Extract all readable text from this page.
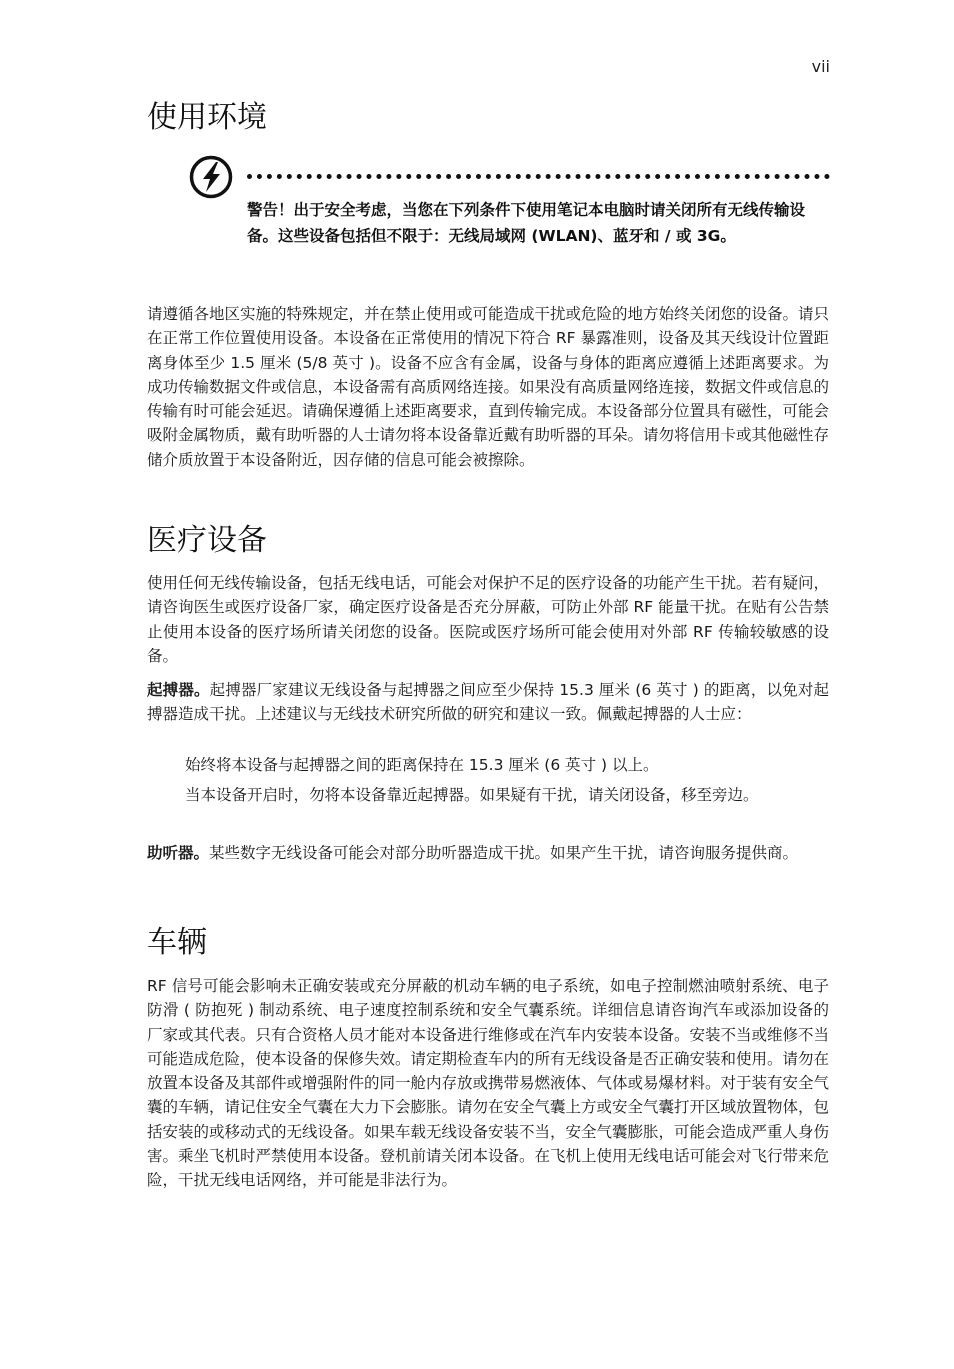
vii
使用环境

警告！出于安全考虑，当您在下列条件下使用笔记本电脑时请关闭所有无线传输设备。这些设备包括但不限于：无线局域网 (WLAN)、蓝牙和 / 或 3G。

请遵循各地区实施的特殊规定，并在禁止使用或可能造成干扰或危险的地方始终关闭您的设备。请只在正常工作位置使用设备。本设备在正常使用的情况下符合 RF 暴露准则，设备及其天线设计位置距离身体至少 1.5 厘米 (5/8 英寸 )。设备不应含有金属，设备与身体的距离应遵循上述距离要求。为成功传输数据文件或信息，本设备需有高质网络连接。如果没有高质量网络连接，数据文件或信息的传输有时可能会延迟。请确保遵循上述距离要求，直到传输完成。本设备部分位置具有磁性，可能会吸附金属物质，戴有助听器的人士请勿将本设备靠近戴有助听器的耳朵。请勿将信用卡或其他磁性存储介质放置于本设备附近，因存储的信息可能会被擦除。

医疗设备

使用任何无线传输设备，包括无线电话，可能会对保护不足的医疗设备的功能产生干扰。若有疑问，请咨询医生或医疗设备厂家，确定医疗设备是否充分屏蔽，可防止外部 RF 能量干扰。在贴有公告禁止使用本设备的医疗场所请关闭您的设备。医院或医疗场所可能会使用对外部 RF 传输较敏感的设备。

起搏器。起搏器厂家建议无线设备与起搏器之间应至少保持 15.3 厘米 (6 英寸 ) 的距离，以免对起搏器造成干扰。上述建议与无线技术研究所做的研究和建议一致。佩戴起搏器的人士应：

始终将本设备与起搏器之间的距离保持在 15.3 厘米 (6 英寸 ) 以上。

当本设备开启时，勿将本设备靠近起搏器。如果疑有干扰，请关闭设备，移至旁边。

助听器。某些数字无线设备可能会对部分助听器造成干扰。如果产生干扰，请咨询服务提供商。

车辆

RF 信号可能会影响未正确安装或充分屏蔽的机动车辆的电子系统，如电子控制燃油喷射系统、电子防滑 ( 防抱死 ) 制动系统、电子速度控制系统和安全气囊系统。详细信息请咨询汽车或添加设备的厂家或其代表。只有合资格人员才能对本设备进行维修或在汽车内安装本设备。安装不当或维修不当可能造成危险，使本设备的保修失效。请定期检查车内的所有无线设备是否正确安装和使用。请勿在放置本设备及其部件或增强附件的同一舱内存放或携带易燃液体、气体或易爆材料。对于装有安全气囊的车辆，请记住安全气囊在大力下会膨胀。请勿在安全气囊上方或安全气囊打开区域放置物体，包括安装的或移动式的无线设备。如果车载无线设备安装不当，安全气囊膨胀，可能会造成严重人身伤害。乘坐飞机时严禁使用本设备。登机前请关闭本设备。在飞机上使用无线电话可能会对飞行带来危险，干扰无线电话网络，并可能是非法行为。
